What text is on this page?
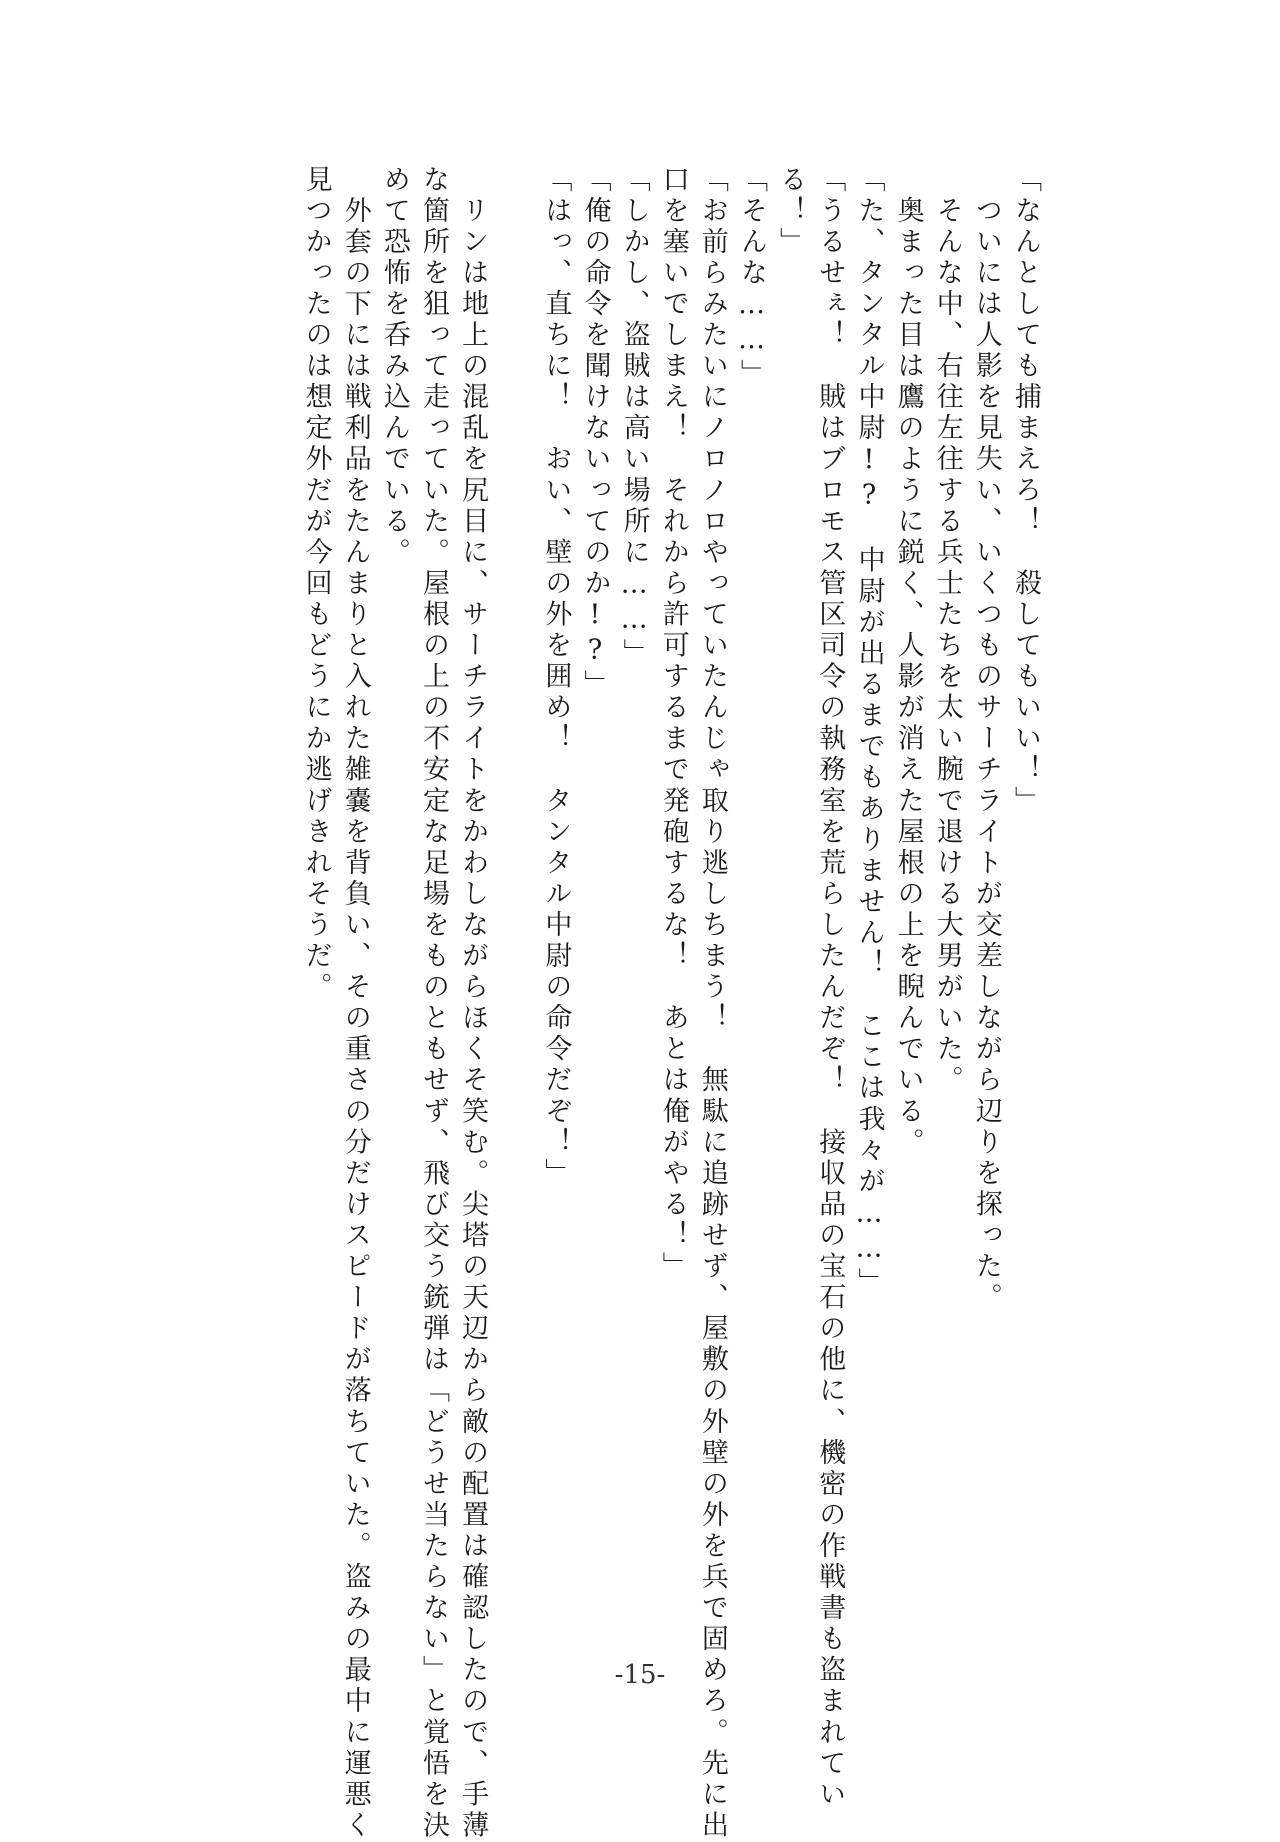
「なんとしても捕まえろ！　殺してもいい！」
　ついには人影を見失い、いくつものサーチライトが交差しながら辺りを探った。
　そんな中、右往左往する兵士たちを太い腕で退ける大男がいた。
　奥まった目は鷹のように鋭く、人影が消えた屋根の上を睨んでいる。
「た、タンタル中尉!?　中尉が出るまでもありません！　ここは我々が……」
「うるせぇ！　賊はブロモス管区司令の執務室を荒らしたんだぞ！　接収品の宝石の他に、機密の作戦書も盗まれてい
る！」
「そんな……」
「お前らみたいにノロノロやっていたんじゃ取り逃しちまう！　無駄に追跡せず、屋敷の外壁の外を兵で固めろ。先に出
口を塞いでしまえ！　それから許可するまで発砲するな！　あとは俺がやる！」
「しかし、盗賊は高い場所に……」
「俺の命令を聞けないってのか!?」
「はっ、直ちに！　おい、壁の外を囲め！　タンタル中尉の命令だぞ！」
　リンは地上の混乱を尻目に、サーチライトをかわしながらほくそ笑む。尖塔の天辺から敵の配置は確認したので、手薄
な箇所を狙って走っていた。屋根の上の不安定な足場をものともせず、飛び交う銃弾は「どうせ当たらない」と覚悟を決
めて恐怖を呑み込んでいる。
　外套の下には戦利品をたんまりと入れた雑嚢を背負い、その重さの分だけスピードが落ちていた。盗みの最中に運悪く
見つかったのは想定外だが今回もどうにか逃げきれそうだ。
-15-
